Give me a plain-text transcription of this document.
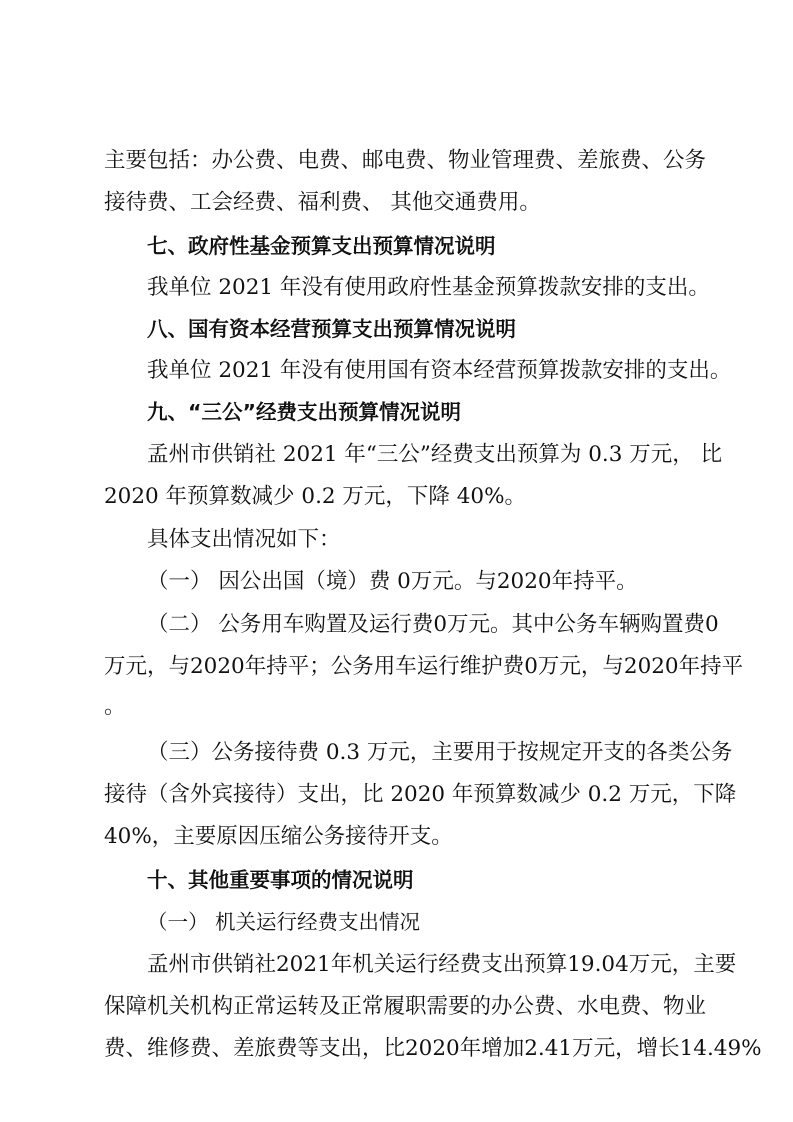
主要包括：办公费、电费、邮电费、物业管理费、差旅费、公务

接待费、工会经费、福利费、 其他交通费用。

七、政府性基金预算支出预算情况说明

我单位 2021 年没有使用政府性基金预算拨款安排的支出。

八、国有资本经营预算支出预算情况说明

我单位 2021 年没有使用国有资本经营预算拨款安排的支出。

九、“三公”经费支出预算情况说明

孟州市供销社 2021 年“三公”经费支出预算为 0.3 万元， 比

2020 年预算数减少 0.2 万元，下降 40%。

具体支出情况如下：

（一） 因公出国（境）费 0万元。与2020年持平。

（二） 公务用车购置及运行费0万元。其中公务车辆购置费0

万元，与2020年持平；公务用车运行维护费0万元，与2020年持平

。

（三）公务接待费 0.3 万元，主要用于按规定开支的各类公务

接待（含外宾接待）支出，比 2020 年预算数减少 0.2 万元，下降

40%，主要原因压缩公务接待开支。

十、其他重要事项的情况说明

（一） 机关运行经费支出情况

孟州市供销社2021年机关运行经费支出预算19.04万元，主要

保障机关机构正常运转及正常履职需要的办公费、水电费、物业

费、维修费、差旅费等支出，比2020年增加2.41万元，增长14.49%
